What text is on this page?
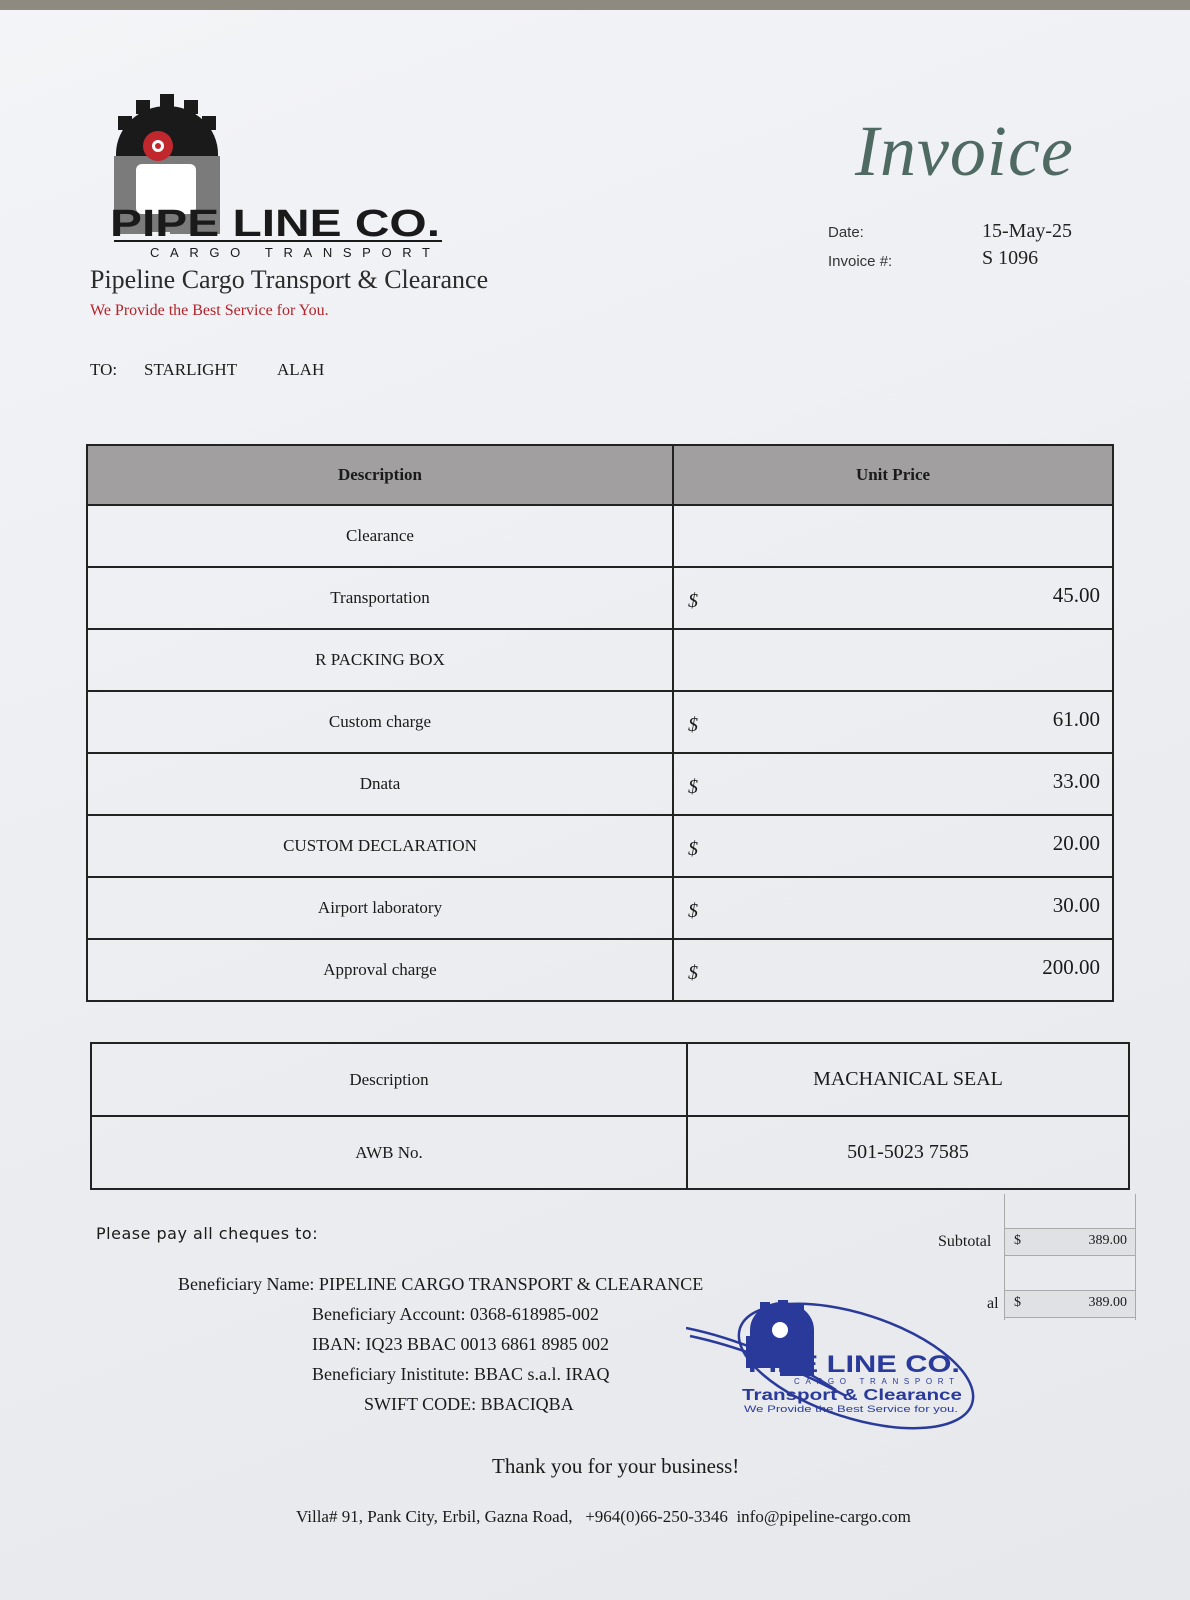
PIPE LINE CO.
CARGO TRANSPORT
Pipeline Cargo Transport & Clearance
We Provide the Best Service for You.
Invoice
Date:	15-May-25
Invoice #:	S 1096
TO: STARLIGHT ALAH
Description	Unit Price
Clearance	
Transportation	$ 45.00

R PACKING BOX	
Custom charge	$ 61.00

Dnata	$ 33.00

CUSTOM DECLARATION	$ 20.00

Airport laboratory	$ 30.00

Approval charge	$ 200.00
Description	MACHANICAL SEAL
AWB No.	501-5023 7585
Please pay all cheques to:
Beneficiary Name: PIPELINE CARGO TRANSPORT & CLEARANCE
Beneficiary Account: 0368-618985-002
IBAN: IQ23 BBAC 0013 6861 8985 002
Beneficiary Inistitute: BBAC s.a.l. IRAQ
SWIFT CODE: BBACIQBA
Subtotal $	389.00
al $	389.00
PIPE LINE CO.
CARGO TRANSPORT
Transport & Clearance
We Provide the Best Service for you.
Thank you for your business!
Villa# 91, Pank City, Erbil, Gazna Road, +964(0)66-250-3346 info@pipeline-cargo.com
